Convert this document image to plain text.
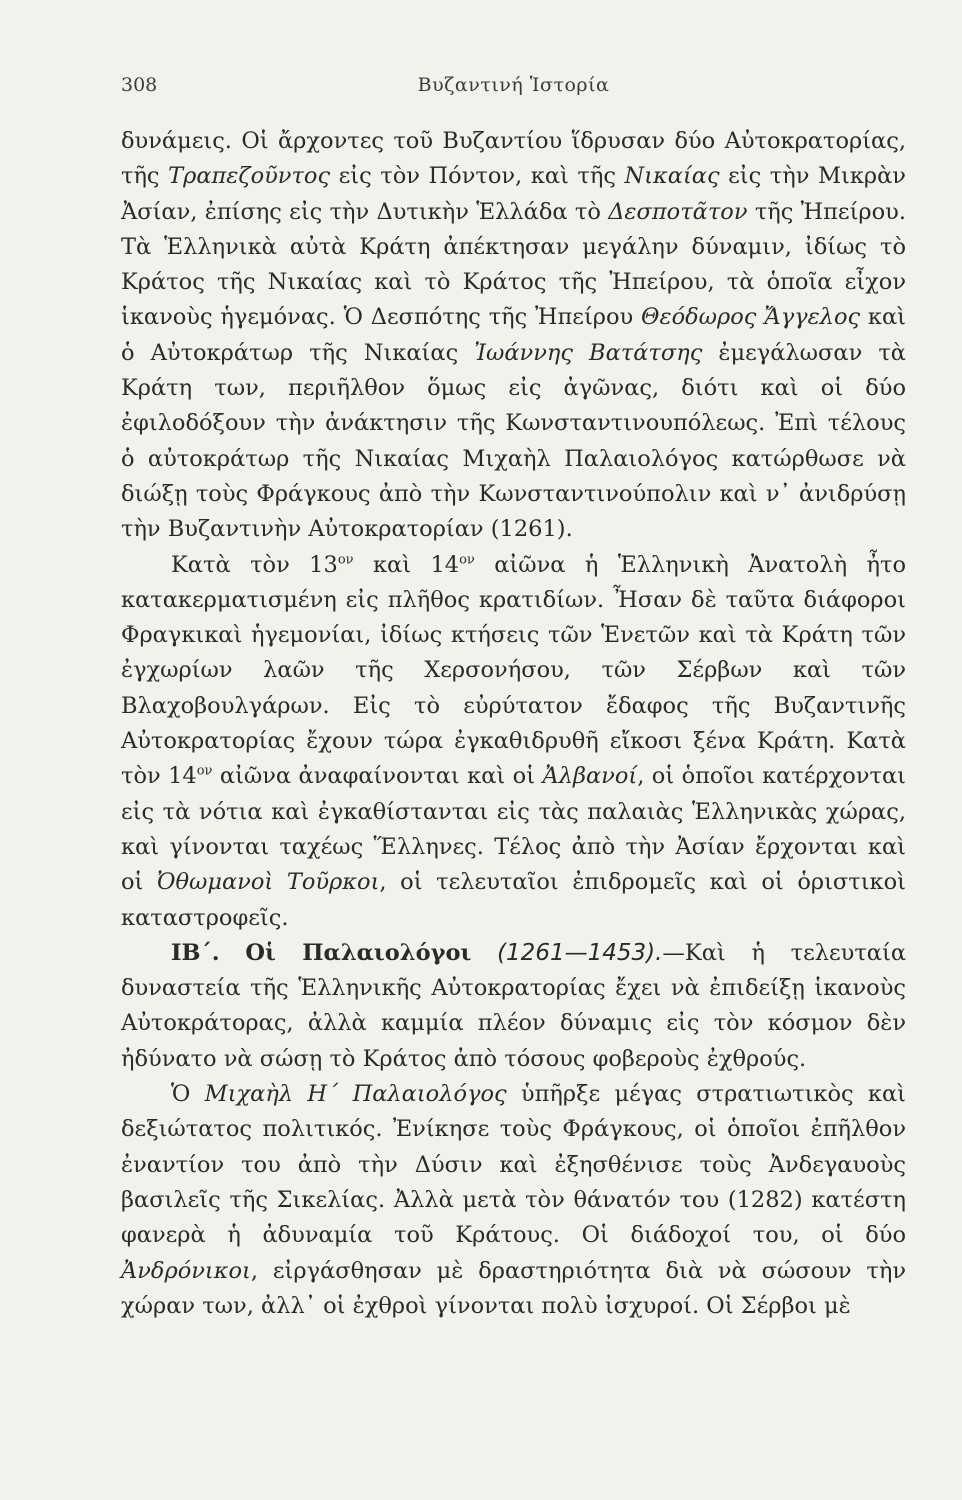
308	Βυζαντινή Ἱστορία

δυνάμεις. Οἱ ἄρχοντες τοῦ Βυζαντίου ἵδρυσαν δύο Αὐτοκρατορίας, τῆς Τραπεζοῦντος εἰς τὸν Πόντον, καὶ τῆς Νικαίας εἰς τὴν Μικρὰν Ἀσίαν, ἐπίσης εἰς τὴν Δυτικὴν Ἑλλάδα τὸ Δεσποτᾶτον τῆς Ἠπείρου. Τὰ Ἑλληνικὰ αὐτὰ Κράτη ἀπέκτησαν μεγάλην δύναμιν, ἰδίως τὸ Κράτος τῆς Νικαίας καὶ τὸ Κράτος τῆς Ἠπείρου, τὰ ὁποῖα εἶχον ἱκανοὺς ἡγεμόνας. Ὁ Δεσπότης τῆς Ἠπείρου Θεόδωρος Ἄγγελος καὶ ὁ Αὐτοκράτωρ τῆς Νικαίας Ἰωάννης Βατάτσης ἐμεγάλωσαν τὰ Κράτη των, περιῆλθον ὅμως εἰς ἀγῶνας, διότι καὶ οἱ δύο ἐφιλοδόξουν τὴν ἀνάκτησιν τῆς Κωνσταντινουπόλεως. Ἐπὶ τέλους ὁ αὐτοκράτωρ τῆς Νικαίας Μιχαὴλ Παλαιολόγος κατώρθωσε νὰ διώξῃ τοὺς Φράγκους ἀπὸ τὴν Κωνσταντινούπολιν καὶ ν᾽ ἀνιδρύσῃ τὴν Βυζαντινὴν Αὐτοκρατορίαν (1261).

Κατὰ τὸν $13^{o\nu}$ καὶ $14^{o\nu}$ αἰῶνα ἡ Ἑλληνικὴ Ἀνατολὴ ἦτο κατακερματισμένη εἰς πλῆθος κρατιδίων. Ἦσαν δὲ ταῦτα διάφοροι Φραγκικαὶ ἡγεμονίαι, ἰδίως κτήσεις τῶν Ἑνετῶν καὶ τὰ Κράτη τῶν ἐγχωρίων λαῶν τῆς Χερσονήσου, τῶν Σέρβων καὶ τῶν Βλαχοβουλγάρων. Εἰς τὸ εὐρύτατον ἔδαφος τῆς Βυζαντινῆς Αὐτοκρατορίας ἔχουν τώρα ἐγκαθιδρυθῆ εἴκοσι ξένα Κράτη. Κατὰ τὸν $14^{o\nu}$ αἰῶνα ἀναφαίνονται καὶ οἱ Ἀλβανοί, οἱ ὁποῖοι κατέρχονται εἰς τὰ νότια καὶ ἐγκαθίστανται εἰς τὰς παλαιὰς Ἑλληνικὰς χώρας, καὶ γίνονται ταχέως Ἕλληνες. Τέλος ἀπὸ τὴν Ἀσίαν ἔρχονται καὶ οἱ Ὀθωμανοὶ Τοῦρκοι, οἱ τελευταῖοι ἐπιδρομεῖς καὶ οἱ ὁριστικοὶ καταστροφεῖς.

ΙΒ΄. Οἱ Παλαιολόγοι (1261—1453).—Καὶ ἡ τελευταία δυναστεία τῆς Ἑλληνικῆς Αὐτοκρατορίας ἔχει νὰ ἐπιδείξῃ ἱκανοὺς Αὐτοκράτορας, ἀλλὰ καμμία πλέον δύναμις εἰς τὸν κόσμον δὲν ἠδύνατο νὰ σώσῃ τὸ Κράτος ἀπὸ τόσους φοβεροὺς ἐχθρούς.

Ὁ Μιχαὴλ Η΄ Παλαιολόγος ὑπῆρξε μέγας στρατιωτικὸς καὶ δεξιώτατος πολιτικός. Ἐνίκησε τοὺς Φράγκους, οἱ ὁποῖοι ἐπῆλθον ἐναντίον του ἀπὸ τὴν Δύσιν καὶ ἐξησθένισε τοὺς Ἀνδεγαυοὺς βασιλεῖς τῆς Σικελίας. Ἀλλὰ μετὰ τὸν θάνατόν του (1282) κατέστη φανερὰ ἡ ἀδυναμία τοῦ Κράτους. Οἱ διάδοχοί του, οἱ δύο Ἀνδρόνικοι, εἰργάσθησαν μὲ δραστηριότητα διὰ νὰ σώσουν τὴν χώραν των, ἀλλ᾽ οἱ ἐχθροὶ γίνονται πολὺ ἰσχυροί. Οἱ Σέρβοι μὲ
